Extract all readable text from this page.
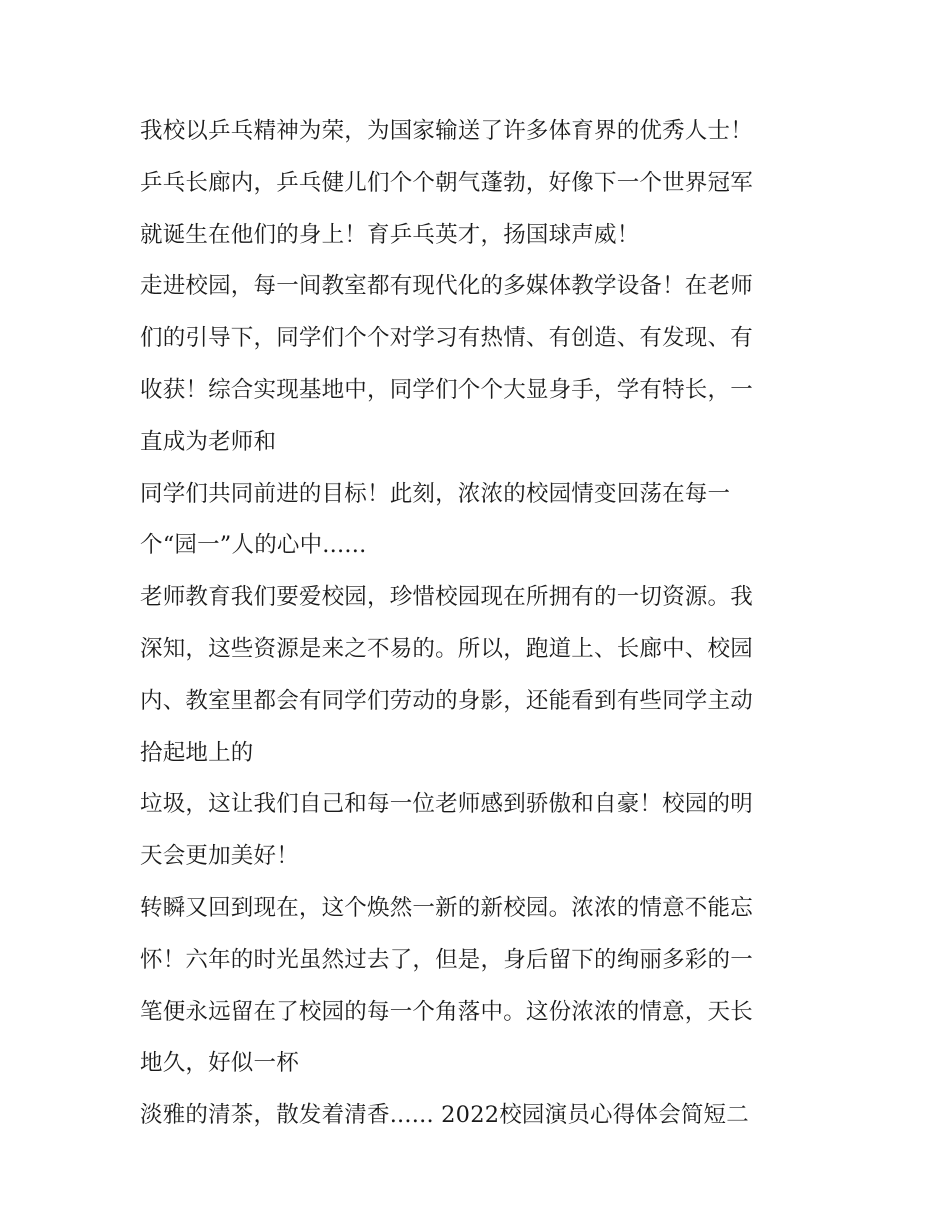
我校以乒乓精神为荣，为国家输送了许多体育界的优秀人士！
乒乓长廊内，乒乓健儿们个个朝气蓬勃，好像下一个世界冠军
就诞生在他们的身上！育乒乓英才，扬国球声威！
走进校园，每一间教室都有现代化的多媒体教学设备！在老师
们的引导下，同学们个个对学习有热情、有创造、有发现、有
收获！综合实现基地中，同学们个个大显身手，学有特长，一
直成为老师和
同学们共同前进的目标！此刻，浓浓的校园情变回荡在每一
个“园一”人的心中......
老师教育我们要爱校园，珍惜校园现在所拥有的一切资源。我
深知，这些资源是来之不易的。所以，跑道上、长廊中、校园
内、教室里都会有同学们劳动的身影，还能看到有些同学主动
拾起地上的
垃圾，这让我们自己和每一位老师感到骄傲和自豪！校园的明
天会更加美好！
转瞬又回到现在，这个焕然一新的新校园。浓浓的情意不能忘
怀！六年的时光虽然过去了，但是，身后留下的绚丽多彩的一
笔便永远留在了校园的每一个角落中。这份浓浓的情意，天长
地久，好似一杯
淡雅的清茶，散发着清香...... 2022校园演员心得体会简短二
